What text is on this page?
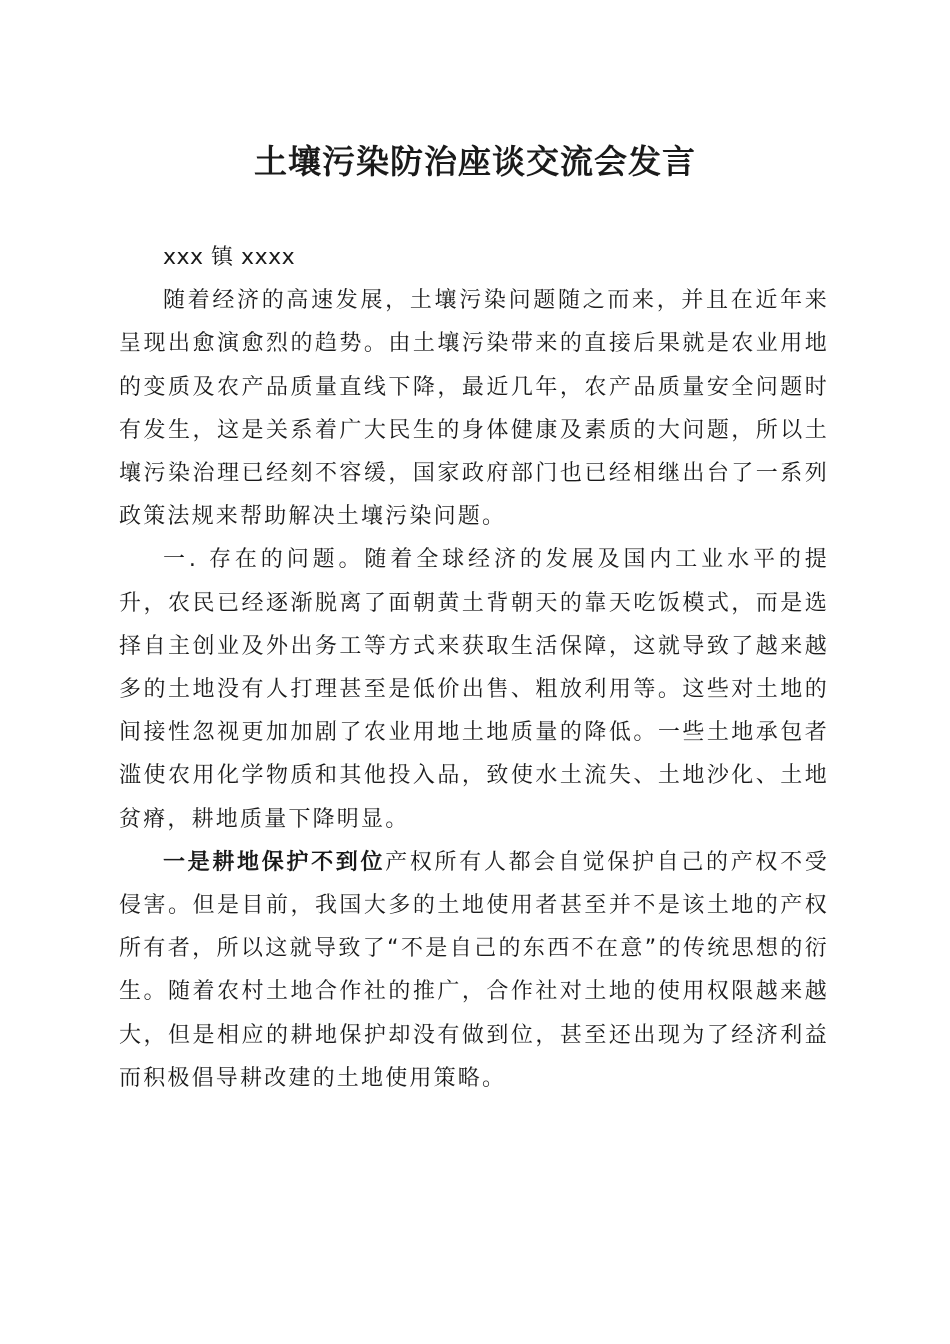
土壤污染防治座谈交流会发言

xxx 镇 xxxx

随着经济的高速发展，土壤污染问题随之而来，并且在近年来呈现出愈演愈烈的趋势。由土壤污染带来的直接后果就是农业用地的变质及农产品质量直线下降，最近几年，农产品质量安全问题时有发生，这是关系着广大民生的身体健康及素质的大问题，所以土壤污染治理已经刻不容缓，国家政府部门也已经相继出台了一系列政策法规来帮助解决土壤污染问题。

一. 存在的问题。随着全球经济的发展及国内工业水平的提升，农民已经逐渐脱离了面朝黄土背朝天的靠天吃饭模式，而是选择自主创业及外出务工等方式来获取生活保障，这就导致了越来越多的土地没有人打理甚至是低价出售、粗放利用等。这些对土地的间接性忽视更加加剧了农业用地土地质量的降低。一些土地承包者滥使农用化学物质和其他投入品，致使水土流失、土地沙化、土地贫瘠，耕地质量下降明显。

一是耕地保护不到位产权所有人都会自觉保护自己的产权不受侵害。但是目前，我国大多的土地使用者甚至并不是该土地的产权所有者，所以这就导致了“不是自己的东西不在意”的传统思想的衍生。随着农村土地合作社的推广，合作社对土地的使用权限越来越大，但是相应的耕地保护却没有做到位，甚至还出现为了经济利益而积极倡导耕改建的土地使用策略。
